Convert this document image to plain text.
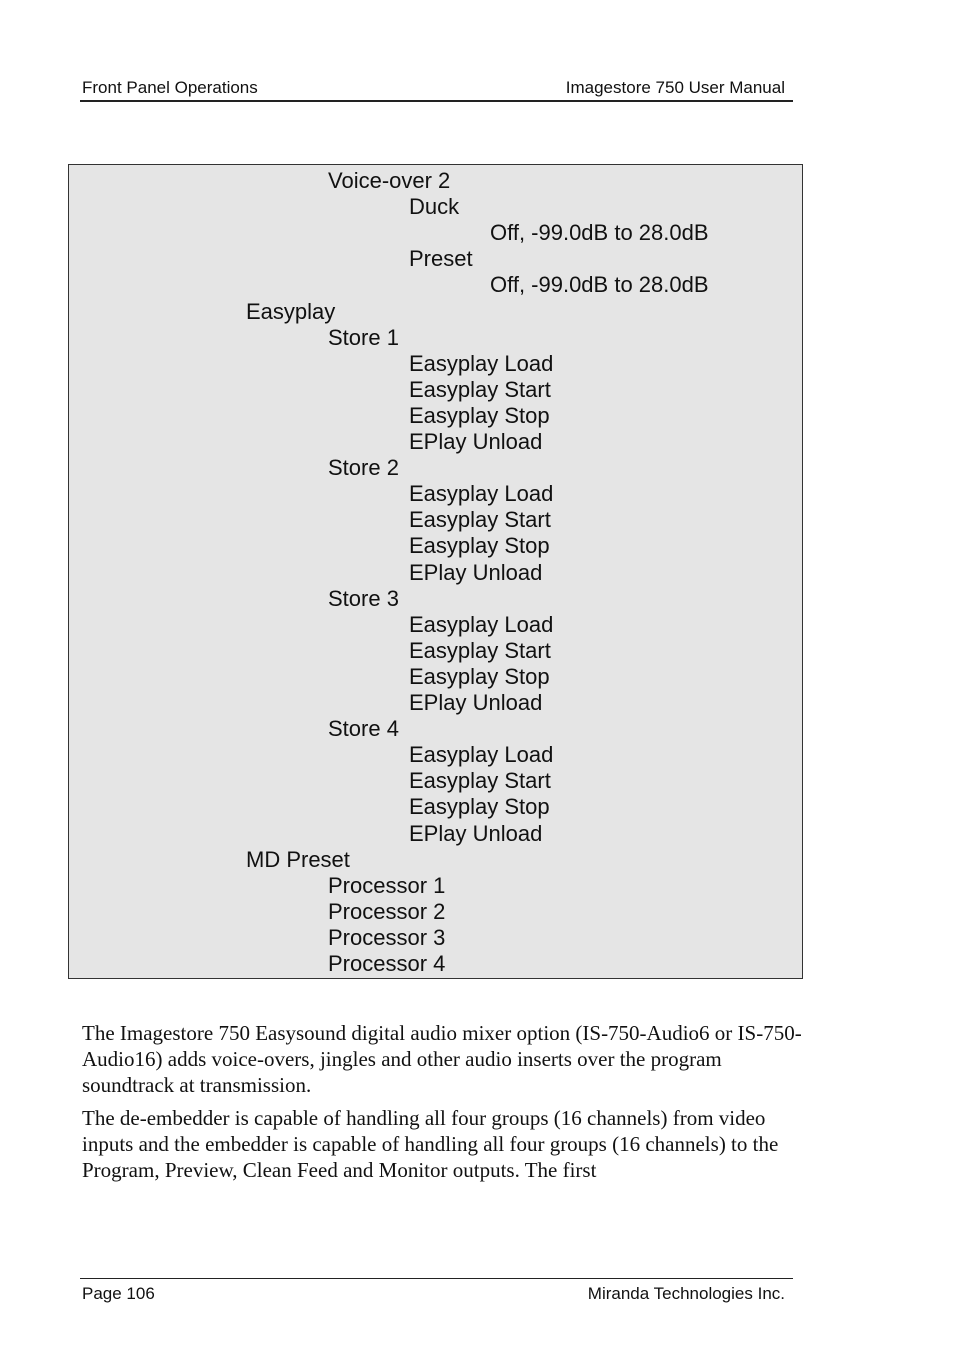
Front Panel Operations	Imagestore 750 User Manual
Voice-over 2
Duck
Off, -99.0dB to 28.0dB
Preset
Off, -99.0dB to 28.0dB
Easyplay
Store 1
Easyplay Load
Easyplay Start
Easyplay Stop
EPlay Unload
Store 2
Easyplay Load
Easyplay Start
Easyplay Stop
EPlay Unload
Store 3
Easyplay Load
Easyplay Start
Easyplay Stop
EPlay Unload
Store 4
Easyplay Load
Easyplay Start
Easyplay Stop
EPlay Unload
MD Preset
Processor 1
Processor 2
Processor 3
Processor 4

The Imagestore 750 Easysound digital audio mixer option (IS-750-Audio6 or IS-750-Audio16) adds voice-overs, jingles and other audio inserts over the program soundtrack at transmission.

The de-embedder is capable of handling all four groups (16 channels) from video inputs and the embedder is capable of handling all four groups (16 channels) to the Program, Preview, Clean Feed and Monitor outputs. The first

Page 106	Miranda Technologies Inc.
